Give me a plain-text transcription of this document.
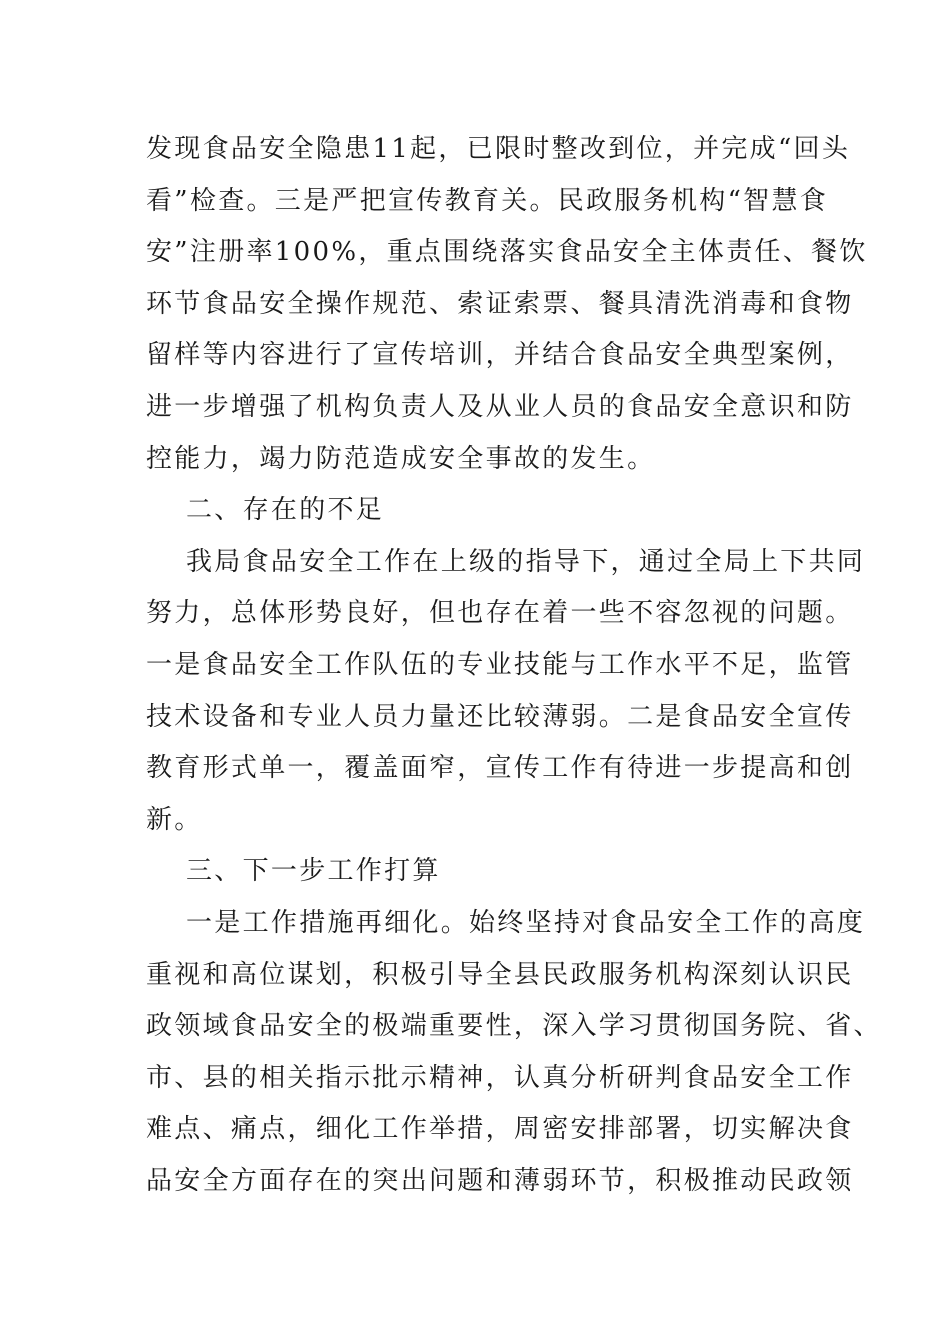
发现食品安全隐患11起，已限时整改到位，并完成“回头
看”检查。三是严把宣传教育关。民政服务机构“智慧食
安”注册率100%，重点围绕落实食品安全主体责任、餐饮
环节食品安全操作规范、索证索票、餐具清洗消毒和食物
留样等内容进行了宣传培训，并结合食品安全典型案例，
进一步增强了机构负责人及从业人员的食品安全意识和防
控能力，竭力防范造成安全事故的发生。
二、存在的不足
我局食品安全工作在上级的指导下，通过全局上下共同
努力，总体形势良好，但也存在着一些不容忽视的问题。
一是食品安全工作队伍的专业技能与工作水平不足，监管
技术设备和专业人员力量还比较薄弱。二是食品安全宣传
教育形式单一，覆盖面窄，宣传工作有待进一步提高和创
新。
三、下一步工作打算
一是工作措施再细化。始终坚持对食品安全工作的高度
重视和高位谋划，积极引导全县民政服务机构深刻认识民
政领域食品安全的极端重要性，深入学习贯彻国务院、省、
市、县的相关指示批示精神，认真分析研判食品安全工作
难点、痛点，细化工作举措，周密安排部署，切实解决食
品安全方面存在的突出问题和薄弱环节，积极推动民政领
